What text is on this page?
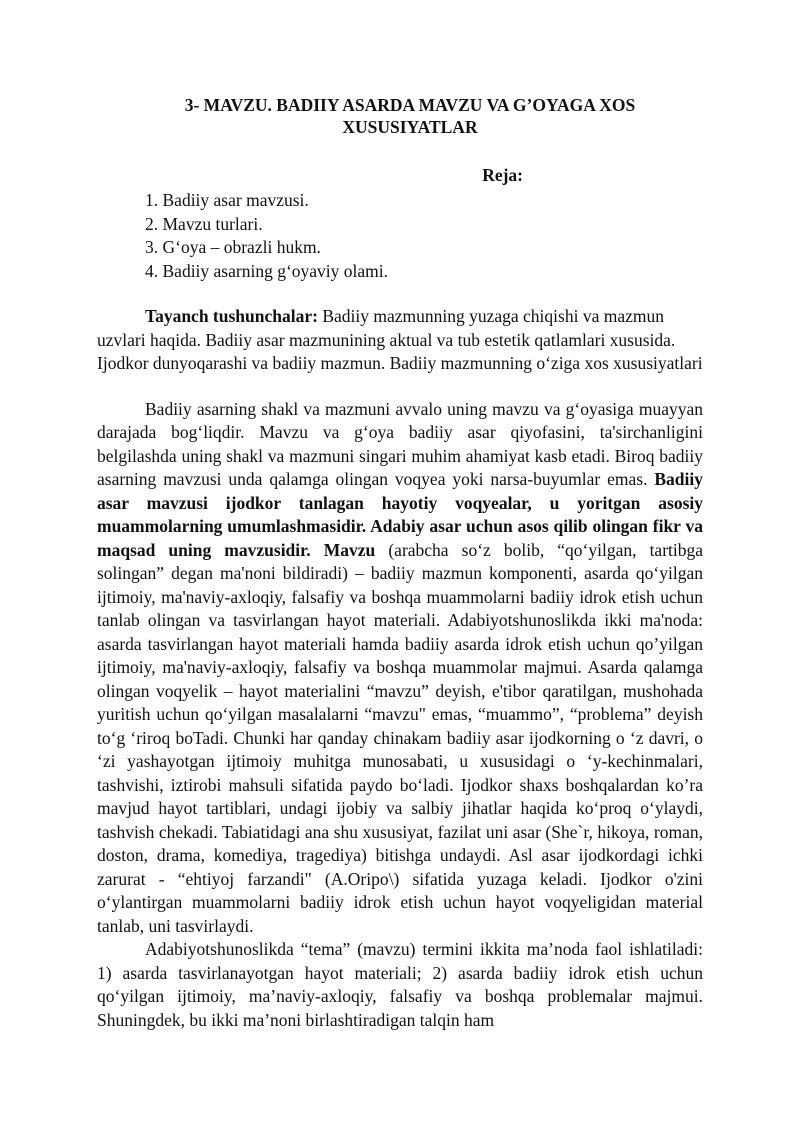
3- MAVZU. BADIIY ASARDA MAVZU VA G’OYAGA XOS
XUSUSIYATLAR
Reja:
1. Badiiy asar mavzusi.
2. Mavzu turlari.
3. G‘oya – obrazli hukm.
4. Badiiy asarning g‘oyaviy olami.

Tayanch tushunchalar: Badiiy mazmunning yuzaga chiqishi va mazmun uzvlari haqida. Badiiy asar mazmunining aktual va tub estetik qatlamlari xususida. Ijodkor dunyoqarashi va badiiy mazmun. Badiiy mazmunning o‘ziga xos xususiyatlari

Badiiy asarning shakl va mazmuni avvalo uning mavzu va g‘oyasiga muayyan darajada bog‘liqdir. Mavzu va g‘oya badiiy asar qiyofasini, ta'sirchanligini belgilashda uning shakl va mazmuni singari muhim ahamiyat kasb etadi. Biroq badiiy asarning mavzusi unda qalamga olingan voqyea yoki narsa-buyumlar emas. Badiiy asar mavzusi ijodkor tanlagan hayotiy voqyealar, u yoritgan asosiy muammolarning umumlashmasidir. Adabiy asar uchun asos qilib olingan fikr va maqsad uning mavzusidir. Mavzu (arabcha so‘z bolib, “qo‘yilgan, tartibga solingan” degan ma'noni bildiradi) – badiiy mazmun komponenti, asarda qo‘yilgan ijtimoiy, ma'naviy-axloqiy, falsafiy va boshqa muammolarni badiiy idrok etish uchun tanlab olingan va tasvirlangan hayot materiali. Adabiyotshunoslikda ikki ma'noda: asarda tasvirlangan hayot materiali hamda badiiy asarda idrok etish uchun qo’yilgan ijtimoiy, ma'naviy-axloqiy, falsafiy va boshqa muammolar majmui. Asarda qalamga olingan voqyelik – hayot materialini “mavzu” deyish, e'tibor qaratilgan, mushohada yuritish uchun qo‘yilgan masalalarni “mavzu" emas, “muammo”, “problema” deyish to‘g ‘riroq boTadi. Chunki har qanday chinakam badiiy asar ijodkorning o ‘z davri, o ‘zi yashayotgan ijtimoiy muhitga munosabati, u xususidagi o ‘y-kechinmalari, tashvishi, iztirobi mahsuli sifatida paydo bo‘ladi. Ijodkor shaxs boshqalardan ko’ra mavjud hayot tartiblari, undagi ijobiy va salbiy jihatlar haqida ko‘proq o‘ylaydi, tashvish chekadi. Tabiatidagi ana shu xususiyat, fazilat uni asar (She`r, hikoya, roman, doston, drama, komediya, tragediya) bitishga undaydi. Asl asar ijodkordagi ichki zarurat - “ehtiyoj farzandi" (A.Oripo\) sifatida yuzaga keladi. Ijodkor o'zini o‘ylantirgan muammolarni badiiy idrok etish uchun hayot voqyeligidan material tanlab, uni tasvirlaydi.

Adabiyotshunoslikda “tema” (mavzu) termini ikkita ma’noda faol ishlatiladi: 1) asarda tasvirlanayotgan hayot materiali; 2) asarda badiiy idrok etish uchun qo‘yilgan ijtimoiy, ma’naviy-axloqiy, falsafiy va boshqa problemalar majmui. Shuningdek, bu ikki ma’noni birlashtiradigan talqin ham
